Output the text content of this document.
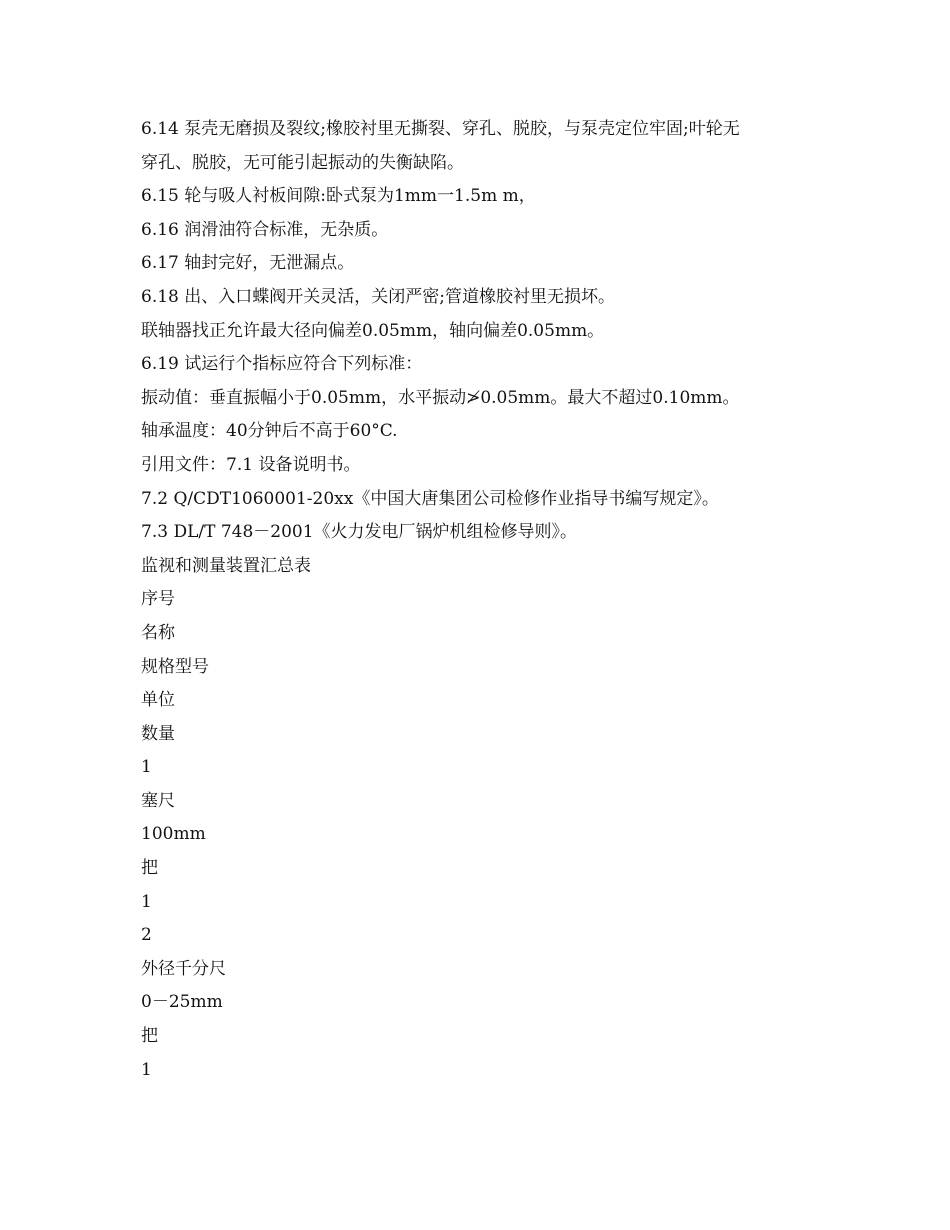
6.14 泵壳无磨损及裂纹;橡胶衬里无撕裂、穿孔、脱胶，与泵壳定位牢固;叶轮无
穿孔、脱胶，无可能引起振动的失衡缺陷。
6.15 轮与吸人衬板间隙:卧式泵为1mm一1.5m m，
6.16 润滑油符合标准，无杂质。
6.17 轴封完好，无泄漏点。
6.18 出、入口蝶阀开关灵活，关闭严密;管道橡胶衬里无损坏。
联轴器找正允许最大径向偏差0.05mm，轴向偏差0.05mm。
6.19 试运行个指标应符合下列标准：
振动值：垂直振幅小于0.05mm，水平振动≯0.05mm。最大不超过0.10mm。
轴承温度：40分钟后不高于60°C.
引用文件：7.1 设备说明书。
7.2 Q/CDT1060001-20xx《中国大唐集团公司检修作业指导书编写规定》。
7.3 DL/T 748－2001《火力发电厂锅炉机组检修导则》。
监视和测量装置汇总表
序号
名称
规格型号
单位
数量
1
塞尺
100mm
把
1
2
外径千分尺
0－25mm
把
1
